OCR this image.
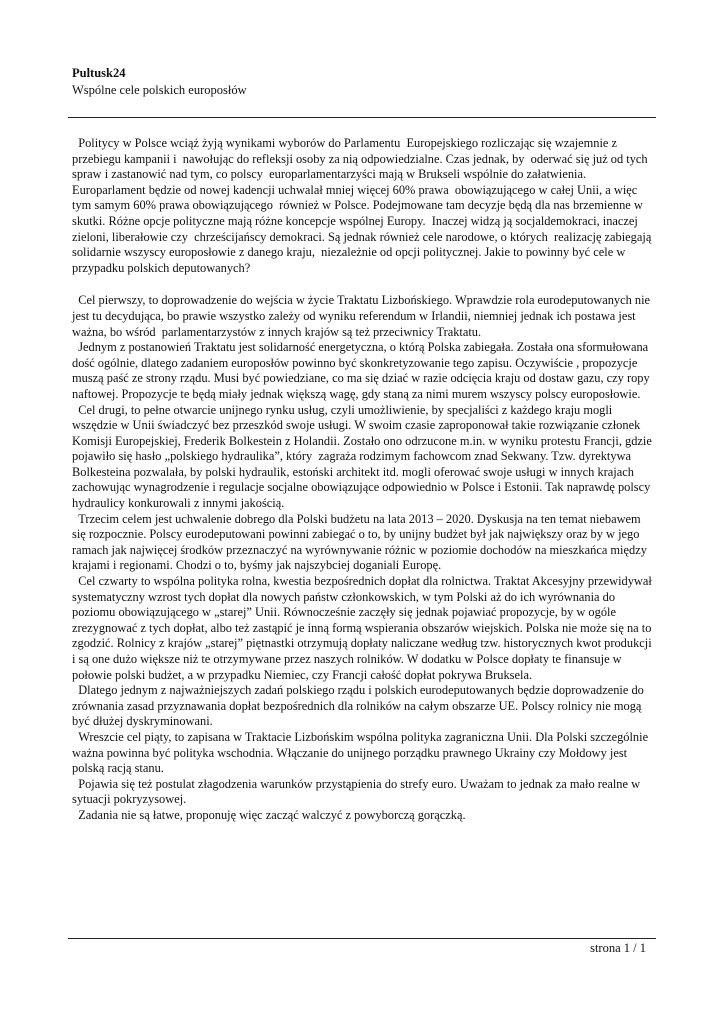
Pultusk24
Wspólne cele polskich europosłów

Politycy w Polsce wciąż żyją wynikami wyborów do Parlamentu  Europejskiego rozliczając się wzajemnie z przebiegu kampanii i  nawołując do refleksji osoby za nią odpowiedzialne. Czas jednak, by  oderwać się już od tych spraw i zastanowić nad tym, co polscy  europarlamentarzyści mają w Brukseli wspólnie do załatwienia. Europarlament będzie od nowej kadencji uchwalał mniej więcej 60% prawa  obowiązującego w całej Unii, a więc tym samym 60% prawa obowiązującego  również w Polsce. Podejmowane tam decyzje będą dla nas brzemienne w  skutki. Różne opcje polityczne mają różne koncepcje wspólnej Europy.  Inaczej widzą ją socjaldemokraci, inaczej zieloni, liberałowie czy  chrześcijańscy demokraci. Są jednak również cele narodowe, o których  realizację zabiegają solidarnie wszyscy europosłowie z danego kraju,  niezależnie od opcji politycznej. Jakie to powinny być cele w przypadku polskich deputowanych?

Cel pierwszy, to doprowadzenie do wejścia w życie Traktatu Lizbońskiego. Wprawdzie rola eurodeputowanych nie jest tu decydująca, bo prawie wszystko zależy od wyniku referendum w Irlandii, niemniej jednak ich postawa jest ważna, bo wśród  parlamentarzystów z innych krajów są też przeciwnicy Traktatu.

Jednym z postanowień Traktatu jest solidarność energetyczna, o którą Polska zabiegała. Została ona sformułowana dość ogólnie, dlatego zadaniem europosłów powinno być skonkretyzowanie tego zapisu. Oczywiście , propozycje muszą paść ze strony rządu. Musi być powiedziane, co ma się dziać w razie odcięcia kraju od dostaw gazu, czy ropy naftowej. Propozycje te będą miały jednak większą wagę, gdy staną za nimi murem wszyscy polscy europosłowie.

Cel drugi, to pełne otwarcie unijnego rynku usług, czyli umożliwienie, by specjaliści z każdego kraju mogli wszędzie w Unii świadczyć bez przeszkód swoje usługi. W swoim czasie zaproponował takie rozwiązanie członek Komisji Europejskiej, Frederik Bolkestein z Holandii. Zostało ono odrzucone m.in. w wyniku protestu Francji, gdzie pojawiło się hasło „polskiego hydraulika”, który  zagraża rodzimym fachowcom znad Sekwany. Tzw. dyrektywa Bolkesteina pozwalała, by polski hydraulik, estoński architekt itd. mogli oferować swoje usługi w innych krajach zachowując wynagrodzenie i regulacje socjalne obowiązujące odpowiednio w Polsce i Estonii. Tak naprawdę polscy hydraulicy konkurowali z innymi jakością.

Trzecim celem jest uchwalenie dobrego dla Polski budżetu na lata 2013 – 2020. Dyskusja na ten temat niebawem się rozpocznie. Polscy eurodeputowani powinni zabiegać o to, by unijny budżet był jak największy oraz by w jego ramach jak najwięcej środków przeznaczyć na wyrównywanie różnic w poziomie dochodów na mieszkańca między krajami i regionami. Chodzi o to, byśmy jak najszybciej doganiali Europę.

Cel czwarty to wspólna polityka rolna, kwestia bezpośrednich dopłat dla rolnictwa. Traktat Akcesyjny przewidywał systematyczny wzrost tych dopłat dla nowych państw członkowskich, w tym Polski aż do ich wyrównania do poziomu obowiązującego w „starej” Unii. Równocześnie zaczęły się jednak pojawiać propozycje, by w ogóle zrezygnować z tych dopłat, albo też zastąpić je inną formą wspierania obszarów wiejskich. Polska nie może się na to zgodzić. Rolnicy z krajów „starej” piętnastki otrzymują dopłaty naliczane według tzw. historycznych kwot produkcji i są one dużo większe niż te otrzymywane przez naszych rolników. W dodatku w Polsce dopłaty te finansuje w połowie polski budżet, a w przypadku Niemiec, czy Francji całość dopłat pokrywa Bruksela.

Dlatego jednym z najważniejszych zadań polskiego rządu i polskich eurodeputowanych będzie doprowadzenie do zrównania zasad przyznawania dopłat bezpośrednich dla rolników na całym obszarze UE. Polscy rolnicy nie mogą być dłużej dyskryminowani.

Wreszcie cel piąty, to zapisana w Traktacie Lizbońskim wspólna polityka zagraniczna Unii. Dla Polski szczególnie ważna powinna być polityka wschodnia. Włączanie do unijnego porządku prawnego Ukrainy czy Mołdowy jest polską racją stanu.

Pojawia się też postulat złagodzenia warunków przystąpienia do strefy euro. Uważam to jednak za mało realne w sytuacji pokryzysowej.

Zadania nie są łatwe, proponuję więc zacząć walczyć z powyborczą gorączką.

strona 1 / 1
